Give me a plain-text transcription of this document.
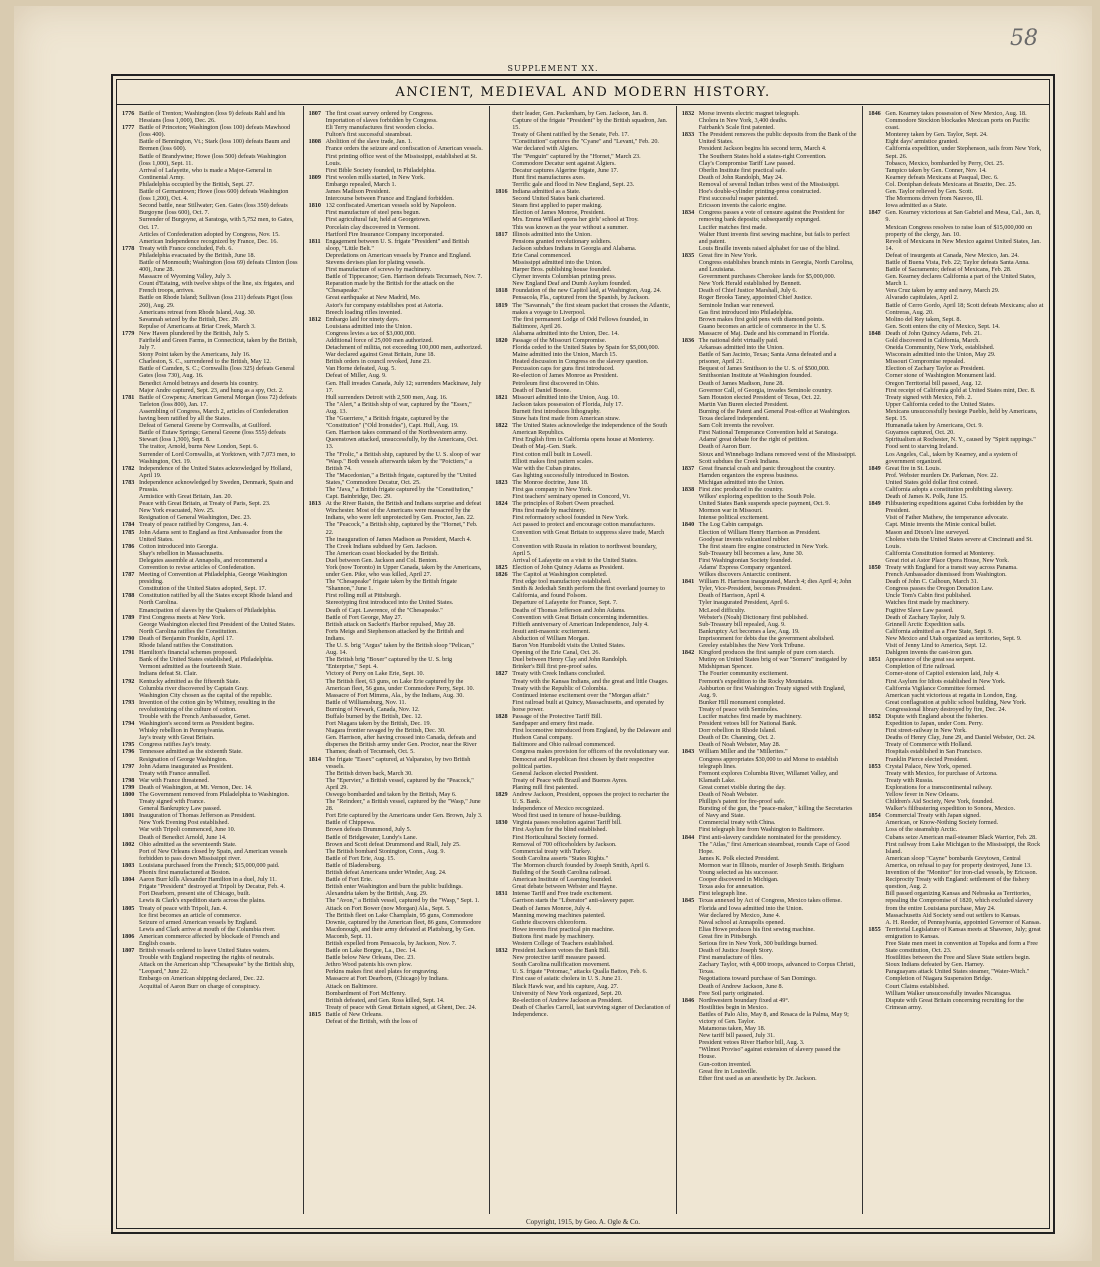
58
SUPPLEMENT XX.
ANCIENT, MEDIEVAL AND MODERN HISTORY.
1776 Battle of Trenton; Washington (loss 9) defeats Rahl and his Hessians (loss 1,000), Dec. 26.
1777 Battle of Princeton; Washington (loss 100) defeats Mawhood (loss 400).
Battle of Bennington, Vt.; Stark (loss 100) defeats Baum and Bremen (loss 600).
Battle of Brandywine; Howe (loss 500) defeats Washington (loss 1,000), Sept. 11.
Arrival of Lafayette, who is made a Major-General in Continental Army.
Philadelphia occupied by the British, Sept. 27.
Battle of Germantown; Howe (loss 600) defeats Washington (loss 1,200), Oct. 4.
Second battle, near Stillwater; Gen. Gates (loss 350) defeats Burgoyne (loss 600), Oct. 7.
Surrender of Burgoyne, at Saratoga, with 5,752 men, to Gates, Oct. 17.
Articles of Confederation adopted by Congress, Nov. 15.
American Independence recognized by France, Dec. 16.
1778 Treaty with France concluded, Feb. 6.
Philadelphia evacuated by the British, June 18.
Battle of Monmouth; Washington (loss 69) defeats Clinton (loss 400), June 28.
Massacre of Wyoming Valley, July 3.
Count d'Estaing, with twelve ships of the line, six frigates, and French troops, arrives.
Battle on Rhode Island; Sullivan (loss 211) defeats Pigot (loss 260), Aug. 29.
Americans retreat from Rhode Island, Aug. 30.
Savannah seized by the British, Dec. 29.
Repulse of Americans at Briar Creek, March 3.
1779 New Haven plundered by the British, July 5.
Fairfield and Green Farms, in Connecticut, taken by the British, July 7.
Stony Point taken by the Americans, July 16.
Charleston, S. C., surrendered to the British, May 12.
Battle of Camden, S. C.; Cornwallis (loss 325) defeats General Gates (loss 730), Aug. 16.
Benedict Arnold betrays and deserts his country.
Major Andre captured, Sept. 23, and hung as a spy, Oct. 2.
1781 Battle of Cowpens; American General Morgan (loss 72) defeats Tarleton (loss 800), Jan. 17.
Assembling of Congress, March 2, articles of Confederation having been ratified by all the States.
Defeat of General Greene by Cornwallis, at Guilford.
Battle of Eutaw Springs; General Greene (loss 555) defeats Stewart (loss 1,300), Sept. 8.
The traitor, Arnold, burns New London, Sept. 6.
Surrender of Lord Cornwallis, at Yorktown, with 7,073 men, to Washington, Oct. 19.
1782 Independence of the United States acknowledged by Holland, April 19.
1783 Independence acknowledged by Sweden, Denmark, Spain and Prussia.
Armistice with Great Britain, Jan. 20.
Peace with Great Britain, at Treaty of Paris, Sept. 23.
New York evacuated, Nov. 25.
Resignation of General Washington, Dec. 23.
1784 Treaty of peace ratified by Congress, Jan. 4.
1785 John Adams sent to England as first Ambassador from the United States.
1786 Cotton introduced into Georgia.
Shay's rebellion in Massachusetts.
Delegates assemble at Annapolis, and recommend a Convention to revise articles of Confederation.
1787 Meeting of Convention at Philadelphia, George Washington presiding.
Constitution of the United States adopted, Sept. 17.
1788 Constitution ratified by all the States except Rhode Island and North Carolina.
Emancipation of slaves by the Quakers of Philadelphia.
1789 First Congress meets at New York.
George Washington elected first President of the United States.
North Carolina ratifies the Constitution.
1790 Death of Benjamin Franklin, April 17.
Rhode Island ratifies the Constitution.
1791 Hamilton's financial schemes proposed.
Bank of the United States established, at Philadelphia.
Vermont admitted as the fourteenth State.
Indians defeat St. Clair.
1792 Kentucky admitted as the fifteenth State.
Columbia river discovered by Captain Gray.
Washington City chosen as the capital of the republic.
1793 Invention of the cotton gin by Whitney, resulting in the revolutionizing of the culture of cotton.
Trouble with the French Ambassador, Genet.
1794 Washington's second term as President begins.
Whisky rebellion in Pennsylvania.
Jay's treaty with Great Britain.
1795 Congress ratifies Jay's treaty.
1796 Tennessee admitted as the sixteenth State.
Resignation of George Washington.
1797 John Adams inaugurated as President.
Treaty with France annulled.
1798 War with France threatened.
1799 Death of Washington, at Mt. Vernon, Dec. 14.
1800 The Government removed from Philadelphia to Washington.
Treaty signed with France.
General Bankruptcy Law passed.
1801 Inauguration of Thomas Jefferson as President.
New York Evening Post established.
War with Tripoli commenced, June 10.
Death of Benedict Arnold, June 14.
1802 Ohio admitted as the seventeenth State.
Port of New Orleans closed by Spain, and American vessels forbidden to pass down Mississippi river.
1803 Louisiana purchased from the French; $15,000,000 paid.
Phonix first manufactured at Boston.
1804 Aaron Burr kills Alexander Hamilton in a duel, July 11.
Frigate "President" destroyed at Tripoli by Decatur, Feb. 4.
Fort Dearborn, present site of Chicago, built.
Lewis & Clark's expedition starts across the plains.
1805 Treaty of peace with Tripoli, Jan. 4.
Ice first becomes an article of commerce.
Seizure of armed American vessels by England.
Lewis and Clark arrive at mouth of the Columbia river.
1806 American commerce affected by blockade of French and English coasts.
1807 British vessels ordered to leave United States waters.
Trouble with England respecting the rights of neutrals.
Attack on the American ship "Chesapeake" by the British ship, "Leopard," June 22.
Embargo on American shipping declared, Dec. 22.
Acquittal of Aaron Burr on charge of conspiracy.
1807 The first coast survey ordered by Congress.
Importation of slaves forbidden by Congress.
Eli Terry manufactures first wooden clocks.
Fulton's first successful steamboat.
1808 Abolition of the slave trade, Jan. 1.
France orders the seizure and confiscation of American vessels.
First printing office west of the Mississippi, established at St. Louis.
First Bible Society founded, in Philadelphia.
1809 First woolen mills started, in New York.
Embargo repealed, March 1.
James Madison President.
Intercourse between France and England forbidden.
1810 132 confiscated American vessels sold by Napoleon.
First manufacture of steel pens begun.
First agricultural fair, held at Georgetown.
Porcelain clay discovered in Vermont.
Hartford Fire Insurance Company incorporated.
1811 Engagement between U. S. frigate "President" and British sloop, "Little Belt."
Depredations on American vessels by France and England.
Stevens devises plan for plating vessels.
First manufacture of screws by machinery.
Battle of Tippecanoe; Gen. Harrison defeats Tecumseh, Nov. 7.
Reparation made by the British for the attack on the "Chesapeake."
Great earthquake at New Madrid, Mo.
Astor's fur company establishes post at Astoria.
Breech loading rifles invented.
1812 Embargo laid for ninety days.
Louisiana admitted into the Union.
Congress levies a tax of $3,000,000.
Additional force of 25,000 men authorized.
Detachment of militia, not exceeding 100,000 men, authorized.
War declared against Great Britain, June 18.
British orders in council revoked, June 23.
Van Horne defeated, Aug. 5.
Defeat of Miller, Aug. 9.
Gen. Hull invades Canada, July 12; surrenders Mackinaw, July 17.
Hull surrenders Detroit with 2,500 men, Aug. 16.
The "Alert," a British ship of war, captured by the "Essex," Aug. 13.
The "Guerriere," a British frigate, captured by the "Constitution" ("Old Ironsides"), Capt. Hull, Aug. 19.
Gen. Harrison takes command of the Northwestern army.
Queenstown attacked, unsuccessfully, by the Americans, Oct. 13.
The "Frolic," a British ship, captured by the U. S. sloop of war "Wasp." Both vessels afterwards taken by the "Poictiers," a British 74.
The "Macedonian," a British frigate, captured by the "United States," Commodore Decatur, Oct. 25.
The "Java," a British frigate captured by the "Constitution," Capt. Bainbridge, Dec. 29.
1813 At the River Raisin, the British and Indians surprise and defeat Winchester. Most of the Americans were massacred by the Indians, who were left unprotected by Gen. Proctor, Jan. 22.
The "Peacock," a British ship, captured by the "Hornet," Feb. 22.
The inauguration of James Madison as President, March 4.
The Creek Indians subdued by Gen. Jackson.
The American coast blockaded by the British.
Duel between Gen. Jackson and Col. Benton.
York (now Toronto) in Upper Canada, taken by the Americans, under Gen. Pike, who was killed, April 27.
The "Chesapeake" frigate taken by the British frigate "Shannon," June 1.
First rolling mill at Pittsburgh.
Stereotyping first introduced into the United States.
Death of Capt. Lawrence, of the "Chesapeake."
Battle of Fort George, May 27.
British attack on Sackett's Harbor repulsed, May 28.
Forts Meigs and Stephenson attacked by the British and Indians.
The U. S. brig "Argus" taken by the British sloop "Pelican," Aug. 14.
The British brig "Boxer" captured by the U. S. brig "Enterprise," Sept. 4.
Victory of Perry on Lake Erie, Sept. 10.
The British fleet, 63 guns, on Lake Erie captured by the American fleet, 56 guns, under Commodore Perry, Sept. 10.
Massacre of Fort Mimms, Ala., by the Indians, Aug. 30.
Battle of Williamsburg, Nov. 11.
Burning of Newark, Canada, Nov. 12.
Buffalo burned by the British, Dec. 12.
Fort Niagara taken by the British, Dec. 19.
Niagara frontier ravaged by the British, Dec. 30.
Gen. Harrison, after having crossed into Canada, defeats and disperses the British army under Gen. Proctor, near the River Thames; death of Tecumseh, Oct. 5.
1814 The frigate "Essex" captured, at Valparaiso, by two British vessels.
The British driven back, March 30.
The "Epervier," a British vessel, captured by the "Peacock," April 29.
Oswego bombarded and taken by the British, May 6.
The "Reindeer," a British vessel, captured by the "Wasp," June 28.
Fort Erie captured by the Americans under Gen. Brown, July 3.
Battle of Chippewa.
Brown defeats Drummond, July 5.
Battle of Bridgewater, Lundy's Lane.
Brown and Scott defeat Drummond and Riall, July 25.
The British bombard Stonington, Conn., Aug. 9.
Battle of Fort Erie, Aug. 15.
Battle of Bladensburg.
British defeat Americans under Winder, Aug. 24.
Battle of Fort Erie.
British enter Washington and burn the public buildings.
Alexandria taken by the British, Aug. 29.
The "Avon," a British vessel, captured by the "Wasp," Sept. 1.
Attack on Fort Bower (now Morgan) Ala., Sept. 5.
The British fleet on Lake Champlain, 95 guns, Commodore Downie, captured by the American fleet, 86 guns, Commodore Macdonough, and their army defeated at Plattsburg, by Gen. Macomb, Sept. 11.
British expelled from Pensacola, by Jackson, Nov. 7.
Battle on Lake Borgne, La., Dec. 14.
Battle below New Orleans, Dec. 23.
Jethro Wood patents his own plow.
Perkins makes first steel plates for engraving.
Massacre at Fort Dearborn, (Chicago) by Indians.
Attack on Baltimore.
Bombardment of Fort McHenry.
British defeated, and Gen. Ross killed, Sept. 14.
Treaty of peace with Great Britain signed, at Ghent, Dec. 24.
1815 Battle of New Orleans.
Defeat of the British, with the loss of
their leader, Gen. Packenham, by Gen. Jackson, Jan. 8.
Capture of the frigate "President" by the British squadron, Jan. 15.
Treaty of Ghent ratified by the Senate, Feb. 17.
"Constitution" captures the "Cyane" and "Levant," Feb. 20.
War declared with Algiers.
The "Penguin" captured by the "Hornet," March 23.
Commodore Decatur sent against Algiers.
Decatur captures Algerine frigate, June 17.
Hunt first manufactures axes.
Terrific gale and flood in New England, Sept. 23.
1816 Indiana admitted as a State.
Second United States bank chartered.
Steam first applied to paper making.
Election of James Monroe, President.
Mrs. Emma Willard opens her girls' school at Troy.
This was known as the year without a summer.
1817 Illinois admitted into the Union.
Pensions granted revolutionary soldiers.
Jackson subdues Indians in Georgia and Alabama.
Erie Canal commenced.
Mississippi admitted into the Union.
Harper Bros. publishing house founded.
Clymer invents Columbian printing press.
New England Deaf and Dumb Asylum founded.
1818 Foundation of the new Capitol laid, at Washington, Aug. 24.
Pensacola, Fla., captured from the Spanish, by Jackson.
1819 The "Savannah," the first steam packet that crosses the Atlantic, makes a voyage to Liverpool.
The first permanent Lodge of Odd Fellows founded, in Baltimore, April 26.
Alabama admitted into the Union, Dec. 14.
1820 Passage of the Missouri Compromise.
Florida ceded to the United States by Spain for $5,000,000.
Maine admitted into the Union, March 15.
Heated discussion in Congress on the slavery question.
Percussion caps for guns first introduced.
Re-election of James Monroe as President.
Petroleum first discovered in Ohio.
Death of Daniel Boone.
1821 Missouri admitted into the Union, Aug. 10.
Jackson takes possession of Florida, July 17.
Burnett first introduces lithography.
Straw hats first made from American straw.
1822 The United States acknowledge the independence of the South American Republics.
First English firm in California opens house at Monterey.
Death of Maj.-Gen. Stark.
First cotton mill built in Lowell.
Elliott makes first pattern scales.
War with the Cuban pirates.
Gas lighting successfully introduced in Boston.
1823 The Monroe doctrine, June 18.
First gas company in New York.
First teachers' seminary opened in Concord, Vt.
1824 The principles of Robert Owen preached.
Pins first made by machinery.
First reformatory school founded in New York.
Act passed to protect and encourage cotton manufactures.
Convention with Great Britain to suppress slave trade, March 13.
Convention with Russia in relation to northwest boundary, April 5.
Arrival of Lafayette on a visit to the United States.
1825 Election of John Quincy Adams as President.
1826 The Capitol at Washington completed.
First edge tool manufactory established.
Smith & Jedediah Smith perform the first overland journey to California, and found Folsom.
Departure of Lafayette for France, Sept. 7.
Deaths of Thomas Jefferson and John Adams.
Convention with Great Britain concerning indemnities.
Fiftieth anniversary of American Independence, July 4.
Jesuit anti-masonic excitement.
Abduction of William Morgan.
Baron Von Humboldt visits the United States.
Opening of the Erie Canal, Oct. 26.
Duel between Henry Clay and John Randolph.
Brinker's Bill first pre-proof safes.
1827 Treaty with Creek Indians concluded.
Treaty with the Kansas Indians, and the great and little Osages.
Treaty with the Republic of Colombia.
Continued intense excitement over the "Morgan affair."
First railroad built at Quincy, Massachusetts, and operated by horse power.
1828 Passage of the Protective Tariff Bill.
Sandpaper and emery first made.
First locomotive introduced from England, by the Delaware and Hudson Canal company.
Baltimore and Ohio railroad commenced.
Congress makes provision for officers of the revolutionary war.
Democrat and Republican first chosen by their respective political parties.
General Jackson elected President.
Treaty of Peace with Brazil and Buenos Ayres.
Planing mill first patented.
1829 Andrew Jackson, President, opposes the project to recharter the U. S. Bank.
Independence of Mexico recognized.
Wood first used in tenure of house-building.
1830 Virginia passes resolution against Tariff bill.
First Asylum for the blind established.
First Horticultural Society formed.
Removal of 700 officeholders by Jackson.
Commercial treaty with Turkey.
South Carolina asserts "States Rights."
The Mormon church founded by Joseph Smith, April 6.
Building of the South Carolina railroad.
American Institute of Learning founded.
Great debate between Webster and Hayne.
1831 Intense Tariff and Free trade excitement.
Garrison starts the "Liberator" anti-slavery paper.
Death of James Monroe, July 4.
Manning mowing machines patented.
Guthrie discovers chloroform.
Howe invents first practical pin machine.
Buttons first made by machinery.
Western College of Teachers established.
1832 President Jackson vetoes the Bank Bill.
New protective tariff measure passed.
South Carolina nullification movement.
U. S. frigate "Potomac," attacks Qualla Battoo, Feb. 6.
First case of asiatic cholera in U. S. June 21.
Black Hawk war, and his capture, Aug. 27.
University of New York organized, Sept. 20.
Re-election of Andrew Jackson as President.
Death of Charles Carroll, last surviving signer of Declaration of Independence.
1832 Morse invents electric magnet telegraph.
Cholera in New York, 3,400 deaths.
Fairbank's Scale first patented.
1833 The President removes the public deposits from the Bank of the United States.
President Jackson begins his second term, March 4.
The Southern States hold a states-right Convention.
Clay's Compromise Tariff Law passed.
Oberlin Institute first practical safe.
Death of John Randolph, May 24.
Removal of several Indian tribes west of the Mississippi.
Hoe's double-cylinder printing-press constructed.
First successful reaper patented.
Ericsson invents the caloric engine.
1834 Congress passes a vote of censure against the President for removing bank deposits; subsequently expunged.
Lucifer matches first made.
Walter Hunt invents first sewing machine, but fails to perfect and patent.
Louis Braille invents raised alphabet for use of the blind.
1835 Great fire in New York.
Congress establishes branch mints in Georgia, North Carolina, and Louisiana.
Government purchases Cherokee lands for $5,000,000.
New York Herald established by Bennett.
Death of Chief Justice Marshall, July 6.
Roger Brooks Taney, appointed Chief Justice.
Seminole Indian war renewed.
Gas first introduced into Philadelphia.
Brown makes first gold pens with diamond points.
Guano becomes an article of commerce in the U. S.
Massacre of Maj. Dade and his command in Florida.
1836 The national debt virtually paid.
Arkansas admitted into the Union.
Battle of San Jacinto, Texas; Santa Anna defeated and a prisoner, April 21.
Bequest of James Smithson to the U. S. of $500,000.
Smithsonian Institute at Washington founded.
Death of James Madison, June 28.
Governor Call, of Georgia, invades Seminole country.
Sam Houston elected President of Texas, Oct. 22.
Martin Van Buren elected President.
Burning of the Patent and General Post-office at Washington.
Texas declared independent.
Sam Colt invents the revolver.
First National Temperance Convention held at Saratoga.
Adams' great debate for the right of petition.
Death of Aaron Burr.
Sioux and Winnebago Indians removed west of the Mississippi.
Scott subdues the Creek Indians.
1837 Great financial crash and panic throughout the country.
Harnden organizes the express business.
Michigan admitted into the Union.
1838 First zinc produced in the country.
Wilkes' exploring expedition to the South Pole.
United States Bank suspends specie payment, Oct. 9.
Mormon war in Missouri.
Intense political excitement.
1840 The Log Cabin campaign.
Election of William Henry Harrison as President.
Goodyear invents vulcanized rubber.
The first steam fire engine constructed in New York.
Sub-Treasury bill becomes a law, June 30.
First Washingtonian Society founded.
Adams' Express Company organized.
Wilkes discovers Antarctic continent.
1841 William H. Harrison inaugurated, March 4; dies April 4; John Tyler, Vice-President, becomes President.
Death of Harrison, April 4.
Tyler inaugurated President, April 6.
McLeod difficulty.
Webster's (Noah) Dictionary first published.
Sub-Treasury bill repealed, Aug. 9.
Bankruptcy Act becomes a law, Aug. 19.
Imprisonment for debts due the government abolished.
Greeley establishes the New York Tribune.
1842 Kingford produces the first sample of pure corn starch.
Mutiny on United States brig of war "Somers" instigated by Midshipman Spencer.
The Fourier community excitement.
Fremont's expedition to the Rocky Mountains.
Ashburton or first Washington Treaty signed with England, Aug. 9.
Bunker Hill monument completed.
Treaty of peace with Seminoles.
Lucifer matches first made by machinery.
President vetoes bill for National Bank.
Dorr rebellion in Rhode Island.
Death of Dr. Channing, Oct. 2.
Death of Noah Webster, May 28.
1843 William Miller and the "Millerites."
Congress appropriates $30,000 to aid Morse to establish telegraph lines.
Fremont explores Columbia River, Willamet Valley, and Klamath Lake.
Great comet visible during the day.
Death of Noah Webster.
Phillips's patent for fire-proof safe.
Bursting of the gun, the "peace-maker," killing the Secretaries of Navy and State.
Commercial treaty with China.
First telegraph line from Washington to Baltimore.
1844 First anti-slavery candidate nominated for the presidency.
The "Atlas," first American steamboat, rounds Cape of Good Hope.
James K. Polk elected President.
Mormon war in Illinois, murder of Joseph Smith. Brigham Young selected as his successor.
Cooper discovered in Michigan.
Texas asks for annexation.
First telegraph line.
1845 Texas annexed by Act of Congress, Mexico takes offense.
Florida and Iowa admitted into the Union.
War declared by Mexico, June 4.
Naval school at Annapolis opened.
Elias Howe produces his first sewing machine.
Great fire in Pittsburgh.
Serious fire in New York, 300 buildings burned.
Death of Justice Joseph Story.
First manufacture of files.
Zachary Taylor, with 4,000 troops, advanced to Corpus Christi, Texas.
Negotiations toward purchase of San Domingo.
Death of Andrew Jackson, June 8.
Free Soil party originated.
1846 Northwestern boundary fixed at 49°.
Hostilities begin in Mexico.
Battles of Palo Alto, May 8, and Resaca de la Palma, May 9; victory of Gen. Taylor.
Matamoras taken, May 18.
New tariff bill passed, July 31.
President vetoes River Harbor bill, Aug. 3.
"Wilmot Proviso" against extension of slavery passed the House.
Gun-cotton invented.
Great fire in Louisville.
Ether first used as an anesthetic by Dr. Jackson.
1846 Gen. Kearney takes possession of New Mexico, Aug. 18.
Commodore Stockton blockades Mexican ports on Pacific coast.
Monterey taken by Gen. Taylor, Sept. 24.
Eight days' armistice granted.
California expedition, under Stephenson, sails from New York, Sept. 26.
Tobasco, Mexico, bombarded by Perry, Oct. 25.
Tampico taken by Gen. Conner, Nov. 14.
Kearney defeats Mexicans at Pasqual, Dec. 6.
Col. Doniphan defeats Mexicans at Brazito, Dec. 25.
Gen. Taylor relieved by Gen. Scott.
The Mormons driven from Nauvoo, Ill.
Iowa admitted as a State.
1847 Gen. Kearney victorious at San Gabriel and Mesa, Cal., Jan. 8, 9.
Mexican Congress resolves to raise loan of $15,000,000 on property of the clergy, Jan. 10.
Revolt of Mexicans in New Mexico against United States, Jan. 14.
Defeat of insurgents at Canada, New Mexico, Jan. 24.
Battle of Buena Vista, Feb. 22; Taylor defeats Santa Anna.
Battle of Sacramento; defeat of Mexicans, Feb. 28.
Gen. Kearney declares California a part of the United States, March 1.
Vera Cruz taken by army and navy, March 29.
Alvarado capitulates, April 2.
Battle of Cerro Gordo, April 18; Scott defeats Mexicans; also at Contreras, Aug. 20.
Molino del Rey taken, Sept. 8.
Gen. Scott enters the city of Mexico, Sept. 14.
1848 Death of John Quincy Adams, Feb. 21.
Gold discovered in California, March.
Oneida Community, New York, established.
Wisconsin admitted into the Union, May 29.
Missouri Compromise repealed.
Election of Zachary Taylor as President.
Corner stone of Washington Monument laid.
Oregon Territorial bill passed, Aug. 12.
First receipt of California gold at United States mint, Dec. 8.
Treaty signed with Mexico, Feb. 2.
Upper California ceded to the United States.
Mexicans unsuccessfully besiege Pueblo, held by Americans, Sept. 15.
Humanatla taken by Americans, Oct. 9.
Guyamos captured, Oct. 20.
Spiritualism at Rochester, N. Y., caused by "Spirit rappings."
Food sent to starving Ireland.
Los Angeles, Cal., taken by Kearney, and a system of government organized.
1849 Great fire in St. Louis.
Prof. Webster murders Dr. Parkman, Nov. 22.
United States gold dollar first coined.
California adopts a constitution prohibiting slavery.
Death of James K. Polk, June 15.
1849 Filibustering expeditions against Cuba forbidden by the President.
Visit of Father Mathew, the temperance advocate.
Capt. Minie invents the Minie conical bullet.
Mason and Dixon's line surveyed.
Cholera visits the United States severe at Cincinnati and St. Louis.
California Constitution formed at Monterey.
Great riot at Astor Place Opera House, New York.
1850 Treaty with England for a transit way across Panama.
French Ambassador dismissed from Washington.
Death of John C. Calhoun, March 31.
Congress passes the Oregon Donation Law.
Uncle Tom's Cabin first published.
Watches first made by machinery.
Fugitive Slave Law passed.
Death of Zachary Taylor, July 9.
Grinnell Arctic Expedition sails.
California admitted as a Free State, Sept. 9.
New Mexico and Utah organized as territories, Sept. 9.
Visit of Jenny Lind to America, Sept. 12.
Dahlgren invents the cast-iron gun.
1851 Appearance of the great sea serpent.
Completion of Erie railroad.
Corner-stone of Capitol extension laid, July 4.
First Asylum for Idiots established in New York.
California Vigilance Committee formed.
American yacht victorious at regatta in London, Eng.
Great conflagration at public school building, New York.
Congressional library destroyed by fire, Dec. 24.
1852 Dispute with England about the fisheries.
Expedition to Japan, under Com. Perry.
First street-railway in New York.
Deaths of Henry Clay, June 29, and Daniel Webster, Oct. 24.
Treaty of Commerce with Holland.
Hospitals established in San Francisco.
Franklin Pierce elected President.
1853 Crystal Palace, New York, opened.
Treaty with Mexico, for purchase of Arizona.
Treaty with Russia.
Explorations for a transcontinental railway.
Yellow fever in New Orleans.
Children's Aid Society, New York, founded.
Walker's filibustering expedition to Sonora, Mexico.
1854 Commercial Treaty with Japan signed.
American, or Know-Nothing Society formed.
Loss of the steamship Arctic.
Cubans seize American mail-steamer Black Warrior, Feb. 28.
First railway from Lake Michigan to the Mississippi, the Rock Island.
American sloop "Cayne" bombards Greytown, Central America, on refusal to pay for property destroyed, June 13.
Invention of the "Monitor" for iron-clad vessels, by Ericsson.
Reciprocity Treaty with England: settlement of the fishery question, Aug. 2.
Bill passed organizing Kansas and Nebraska as Territories, repealing the Compromise of 1820, which excluded slavery from the entire Louisiana purchase, May 24.
Massachusetts Aid Society send out settlers to Kansas.
A. H. Reeder, of Pennsylvania, appointed Governor of Kansas.
1855 Territorial Legislature of Kansas meets at Shawnee, July; great emigration to Kansas.
Free State men meet in convention at Topeka and form a Free State constitution, Oct. 23.
Hostilities between the Free and Slave State settlers begin.
Sioux Indians defeated by Gen. Harney.
Paraguayans attack United States steamer, "Water-Witch."
Completion of Niagara Suspension Bridge.
Court Claims established.
William Walker unsuccessfully invades Nicaragua.
Dispute with Great Britain concerning recruiting for the Crimean army.
Copyright, 1915, by Geo. A. Ogle & Co.
